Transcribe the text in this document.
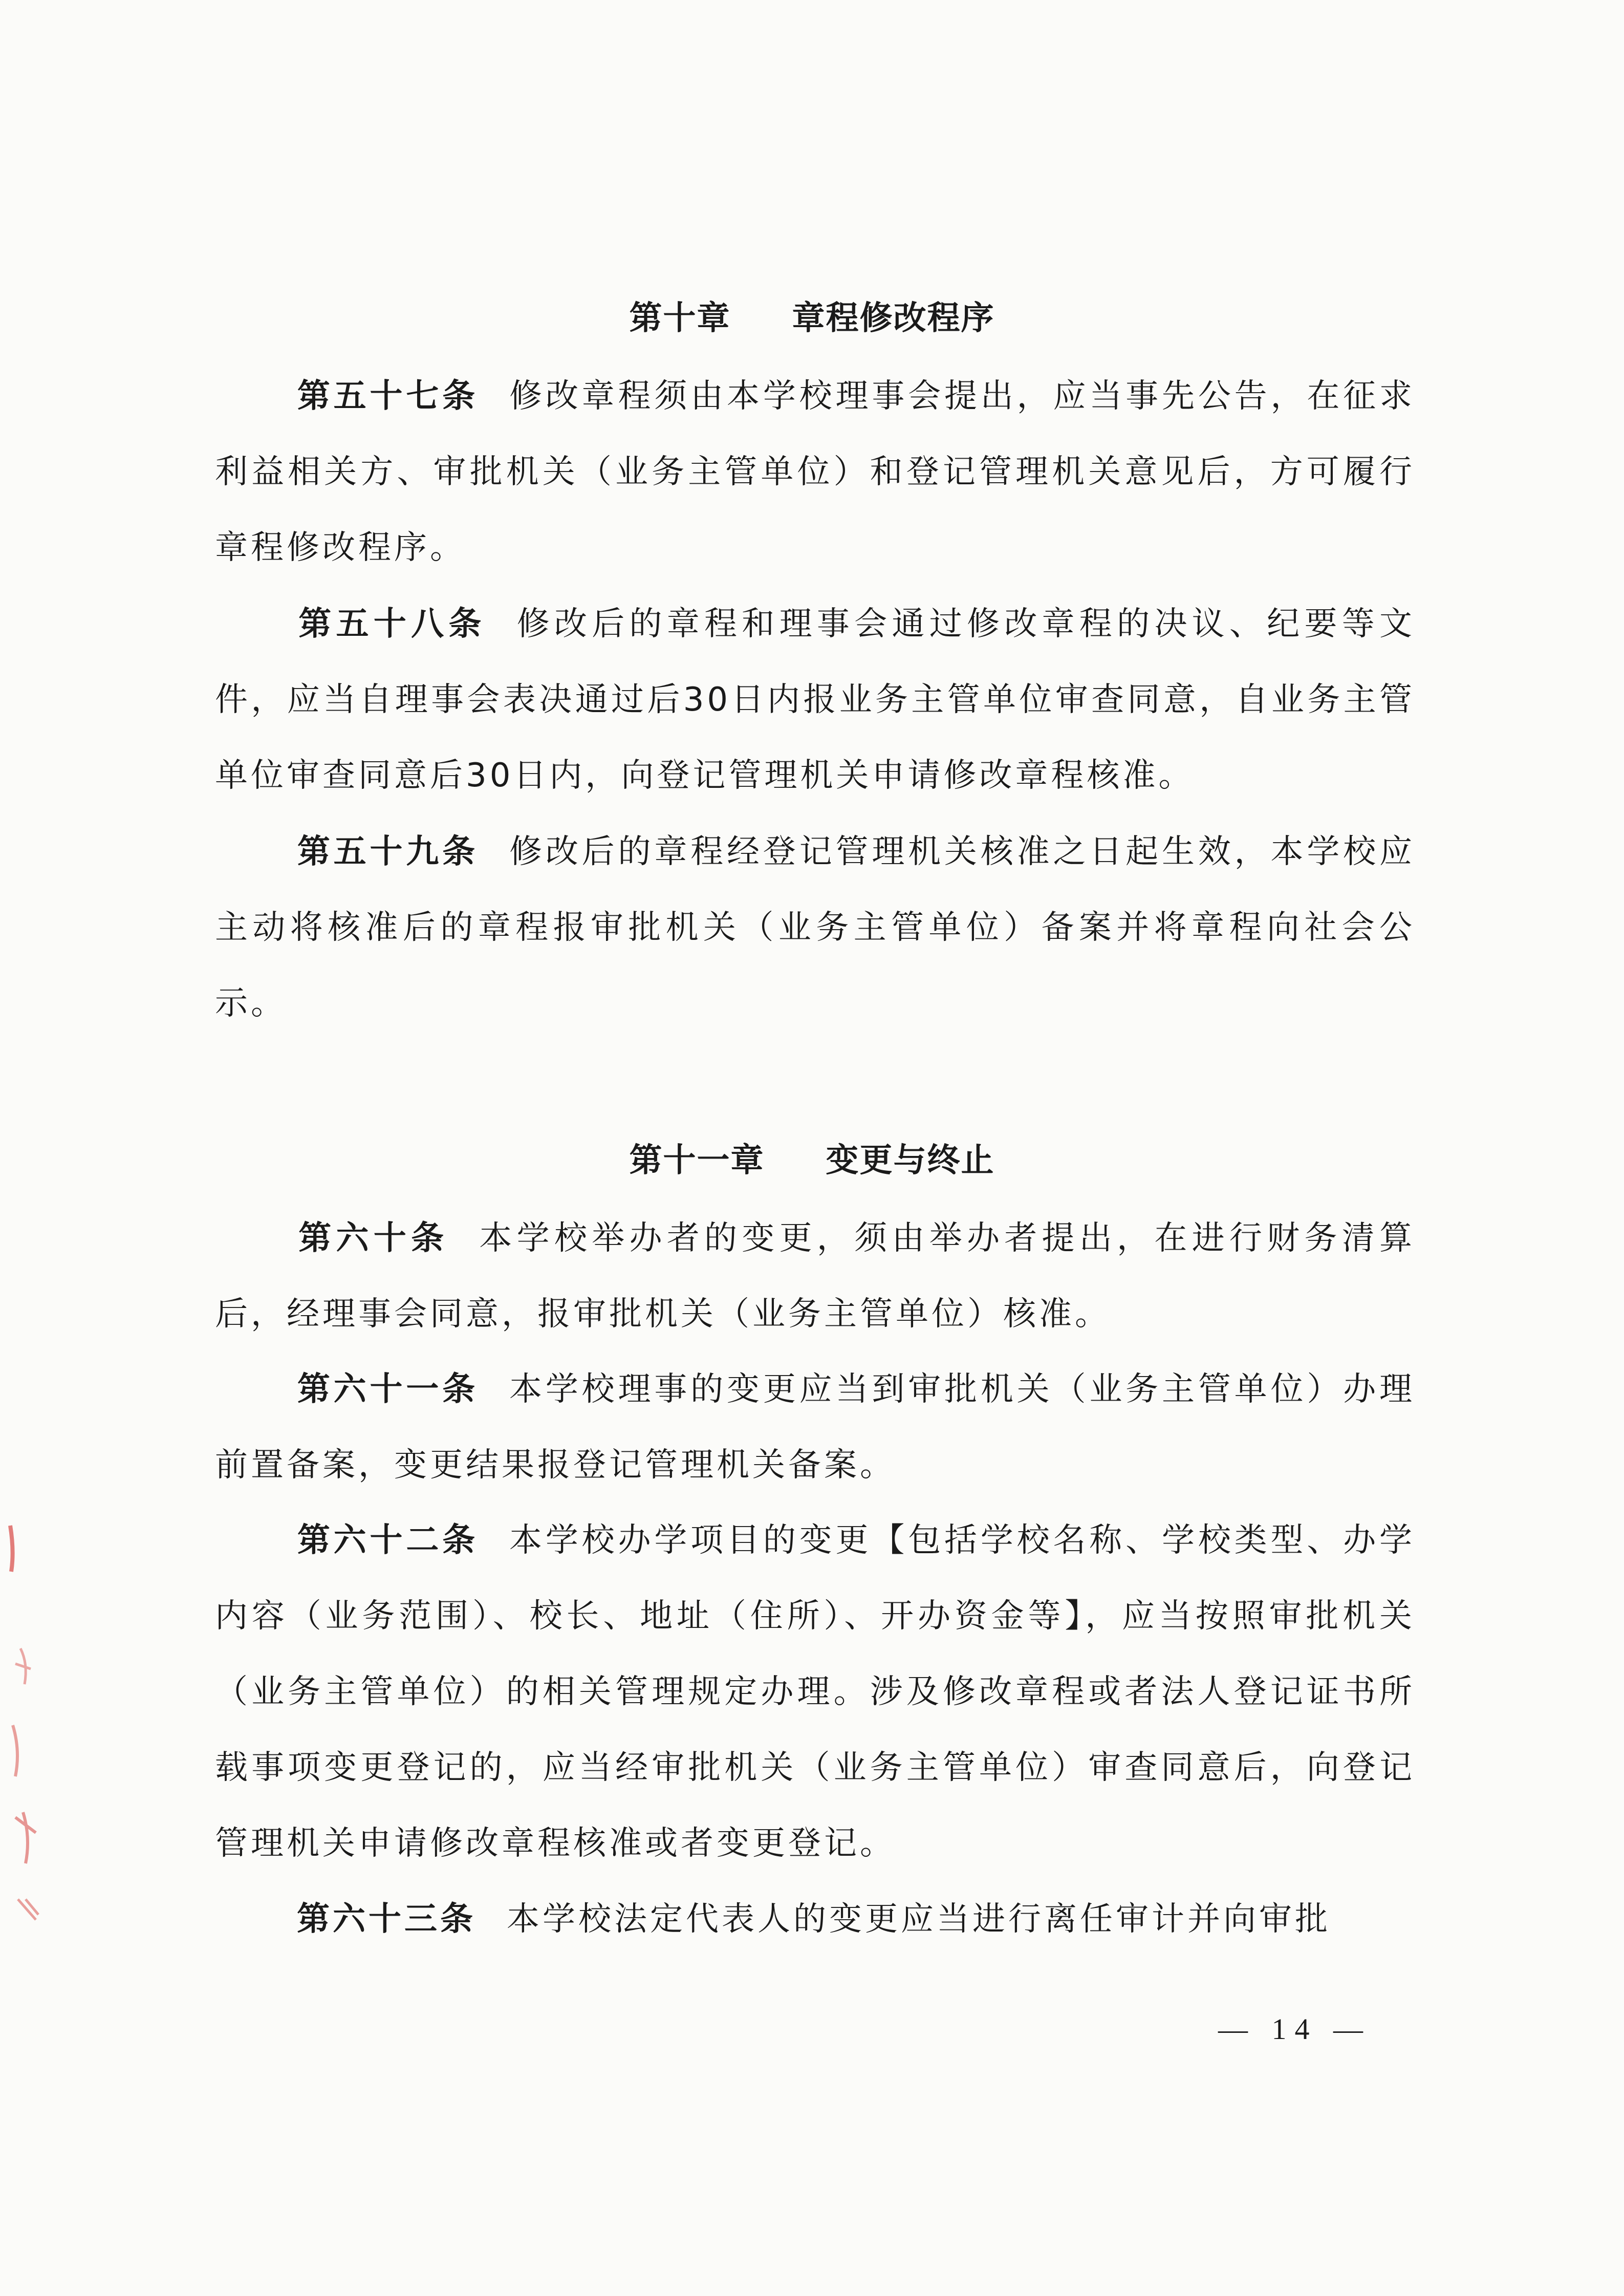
第十章 章程修改程序
第五十七条 修改章程须由本学校理事会提出，应当事先公告，在征求利益相关方、审批机关（业务主管单位）和登记管理机关意见后，方可履行章程修改程序。
第五十八条 修改后的章程和理事会通过修改章程的决议、纪要等文件，应当自理事会表决通过后30日内报业务主管单位审查同意，自业务主管单位审查同意后30日内，向登记管理机关申请修改章程核准。
第五十九条 修改后的章程经登记管理机关核准之日起生效，本学校应主动将核准后的章程报审批机关（业务主管单位）备案并将章程向社会公示。
第十一章 变更与终止
第六十条 本学校举办者的变更，须由举办者提出，在进行财务清算后，经理事会同意，报审批机关（业务主管单位）核准。
第六十一条 本学校理事的变更应当到审批机关（业务主管单位）办理前置备案，变更结果报登记管理机关备案。
第六十二条 本学校办学项目的变更【包括学校名称、学校类型、办学内容（业务范围）、校长、地址（住所）、开办资金等】，应当按照审批机关（业务主管单位）的相关管理规定办理。涉及修改章程或者法人登记证书所载事项变更登记的，应当经审批机关（业务主管单位）审查同意后，向登记管理机关申请修改章程核准或者变更登记。
第六十三条 本学校法定代表人的变更应当进行离任审计并向审批
— 14 —
